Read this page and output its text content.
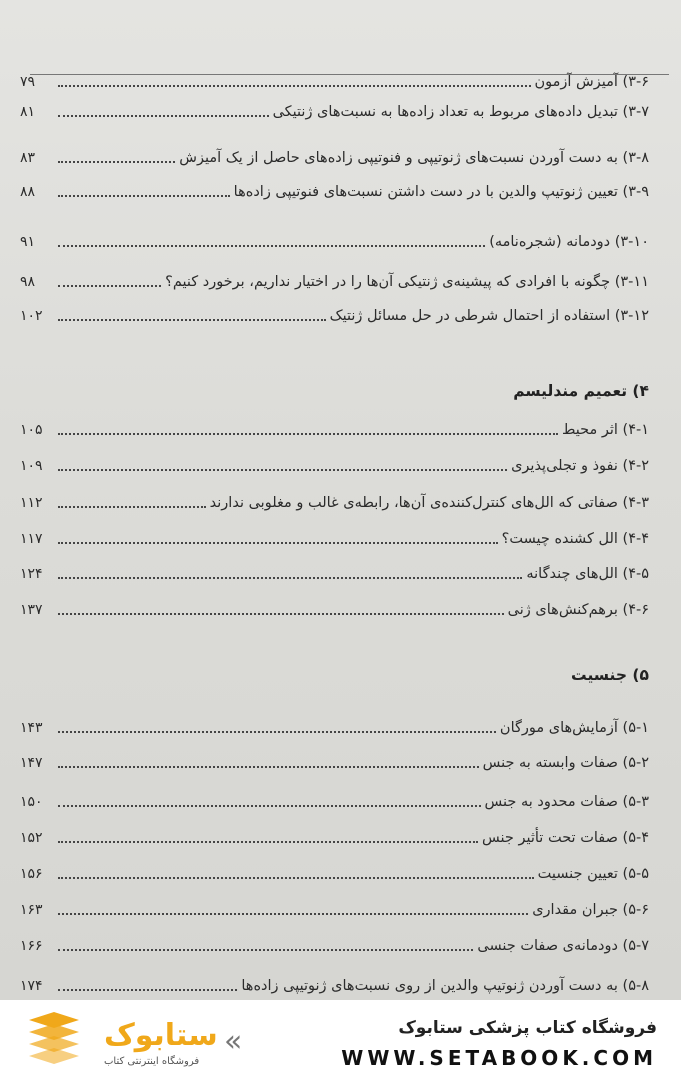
۳-۶) آمیزش آزمون
۷۹
۳-۷) تبدیل داده‌های مربوط به تعداد زاده‌ها به نسبت‌های ژنتیکی
۸۱
۳-۸) به دست آوردن نسبت‌های ژنوتیپی و فنوتیپی زاده‌های حاصل از یک آمیزش
۸۳
۳-۹) تعیین ژنوتیپ والدین با در دست داشتن نسبت‌های فنوتیپی زاده‌ها
۸۸
۳-۱۰) دودمانه (شجره‌نامه)
۹۱
۳-۱۱) چگونه با افرادی که پیشینه‌ی ژنتیکی آن‌ها را در اختیار نداریم، برخورد کنیم؟
۹۸
۳-۱۲) استفاده از احتمال شرطی در حل مسائل ژنتیک
۱۰۲
۴) تعمیم مندلیسم
۴-۱) اثر محیط
۱۰۵
۴-۲) نفوذ و تجلی‌پذیری
۱۰۹
۴-۳) صفاتی که الل‌های کنترل‌کننده‌ی آن‌ها، رابطه‌ی غالب و مغلوبی ندارند
۱۱۲
۴-۴) الل کشنده چیست؟
۱۱۷
۴-۵) الل‌های چندگانه
۱۲۴
۴-۶) برهم‌کنش‌های ژنی
۱۳۷
۵) جنسیت
۵-۱) آزمایش‌های مورگان
۱۴۳
۵-۲) صفات وابسته به جنس
۱۴۷
۵-۳) صفات محدود به جنس
۱۵۰
۵-۴) صفات تحت تأثیر جنس
۱۵۲
۵-۵) تعیین جنسیت
۱۵۶
۵-۶) جبران مقداری
۱۶۳
۵-۷) دودمانه‌ی صفات جنسی
۱۶۶
۵-۸) به دست آوردن ژنوتیپ والدین از روی نسبت‌های ژنوتیپی زاده‌ها
۱۷۴
ستابوک
فروشگاه اینترنتی کتاب
«	فروشگاه کتاب پزشکی ستابوک
WWW.SETABOOK.COM
